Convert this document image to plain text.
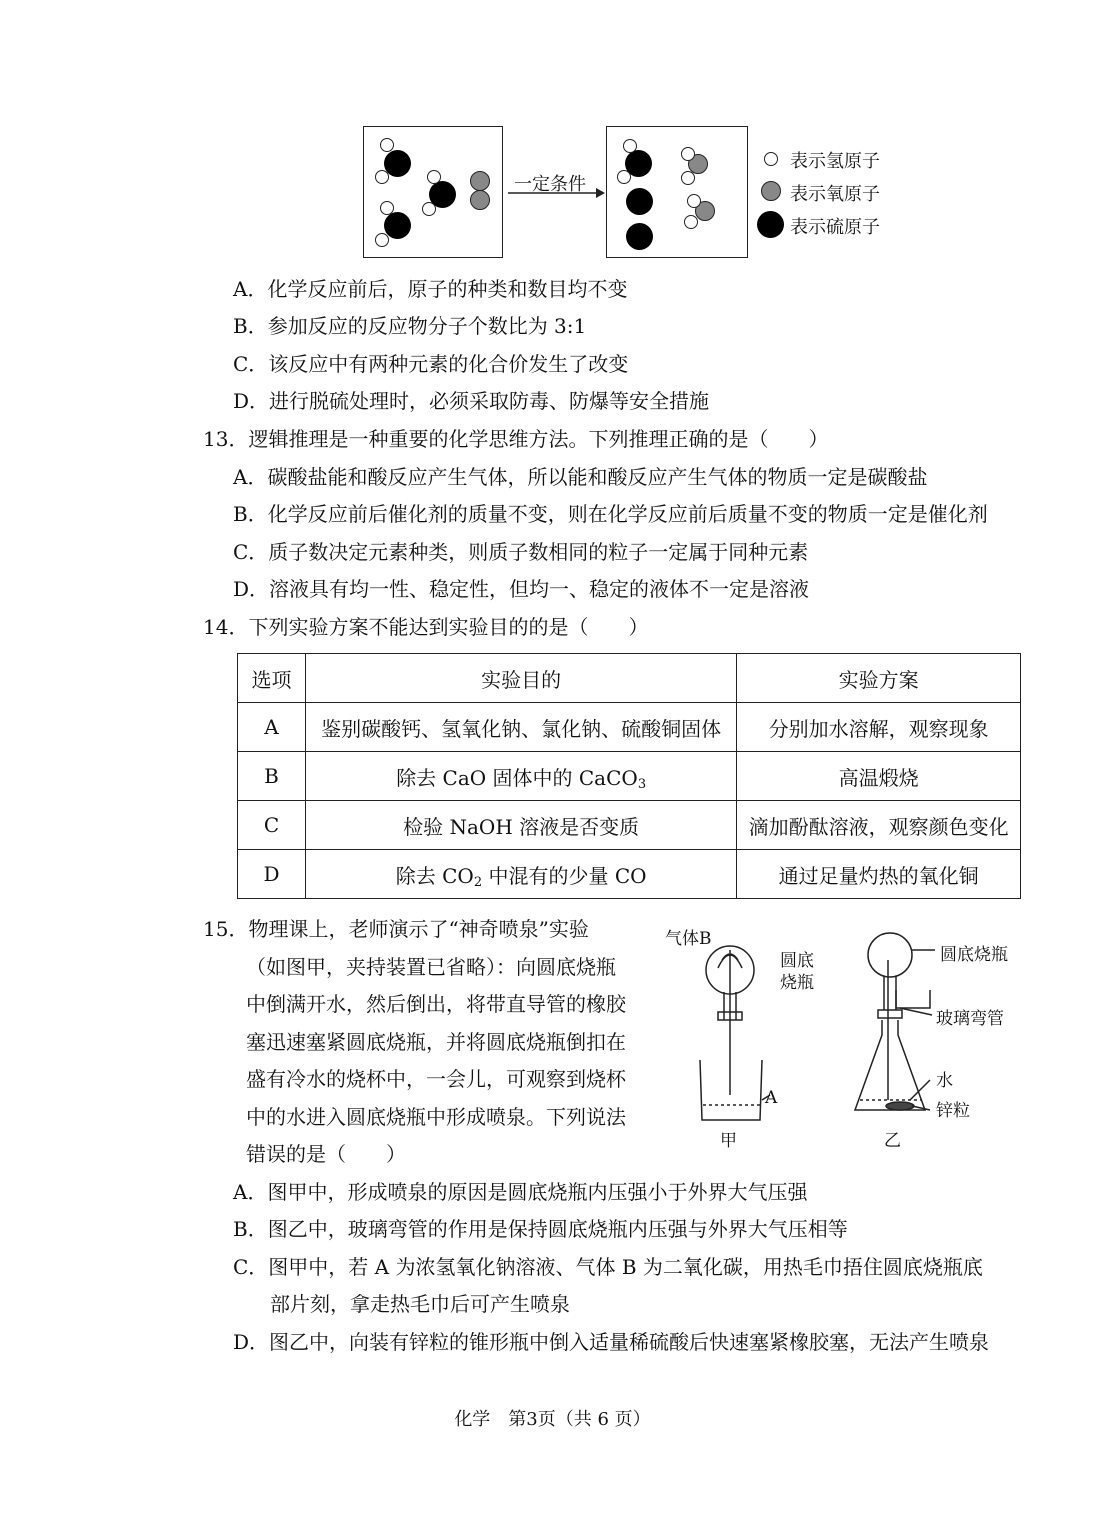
一定条件
表示氢原子
表示氧原子
表示硫原子
A．化学反应前后，原子的种类和数目均不变
B．参加反应的反应物分子个数比为 3:1
C．该反应中有两种元素的化合价发生了改变
D．进行脱硫处理时，必须采取防毒、防爆等安全措施
13．逻辑推理是一种重要的化学思维方法。下列推理正确的是（　　）
A．碳酸盐能和酸反应产生气体，所以能和酸反应产生气体的物质一定是碳酸盐
B．化学反应前后催化剂的质量不变，则在化学反应前后质量不变的物质一定是催化剂
C．质子数决定元素种类，则质子数相同的粒子一定属于同种元素
D．溶液具有均一性、稳定性，但均一、稳定的液体不一定是溶液
14．下列实验方案不能达到实验目的的是（　　）
选项	实验目的	实验方案
A	鉴别碳酸钙、氢氧化钠、氯化钠、硫酸铜固体	分别加水溶解，观察现象
B	除去 CaO 固体中的 CaCO$_3$	高温煅烧
C	检验 NaOH 溶液是否变质	滴加酚酞溶液，观察颜色变化
D	除去 $CO_2$ 中混有的少量 CO	通过足量灼热的氧化铜
15．物理课上，老师演示了“神奇喷泉”实验
（如图甲，夹持装置已省略）：向圆底烧瓶
中倒满开水，然后倒出，将带直导管的橡胶
塞迅速塞紧圆底烧瓶，并将圆底烧瓶倒扣在
盛有冷水的烧杯中，一会儿，可观察到烧杯
中的水进入圆底烧瓶中形成喷泉。下列说法
错误的是（　　）
气体B
圆底
烧瓶
A
甲
圆底烧瓶
玻璃弯管
水
锌粒
乙
A．图甲中，形成喷泉的原因是圆底烧瓶内压强小于外界大气压强
B．图乙中，玻璃弯管的作用是保持圆底烧瓶内压强与外界大气压相等
C．图甲中，若 A 为浓氢氧化钠溶液、气体 B 为二氧化碳，用热毛巾捂住圆底烧瓶底
部片刻，拿走热毛巾后可产生喷泉
D．图乙中，向装有锌粒的锥形瓶中倒入适量稀硫酸后快速塞紧橡胶塞，无法产生喷泉
化学　第3页（共 6 页）
